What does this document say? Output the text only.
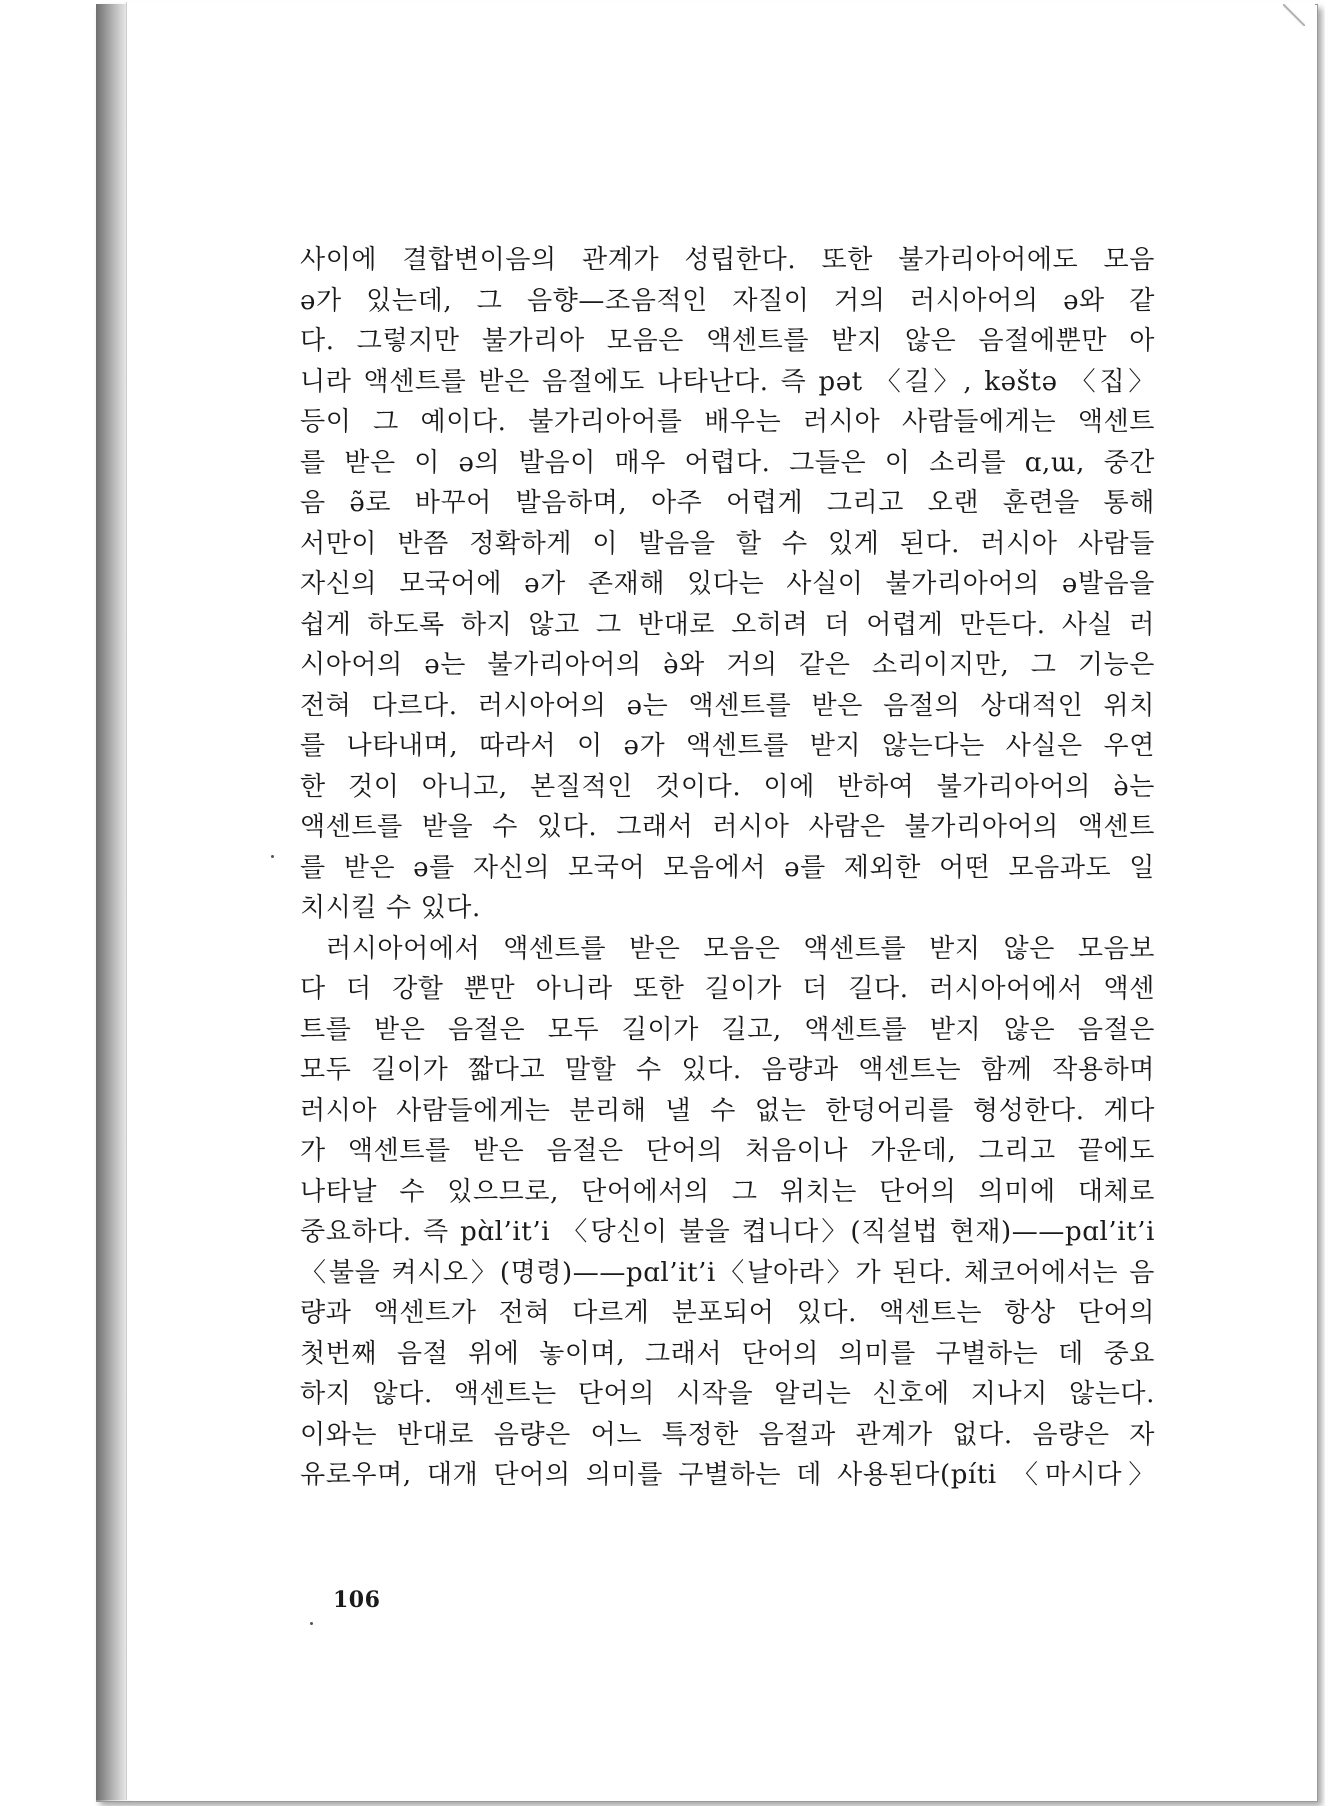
사이에 결합변이음의 관계가 성립한다. 또한 불가리아어에도 모음
ə가 있는데, 그 음향—조음적인 자질이 거의 러시아어의 ə와 같
다. 그렇지만 불가리아 모음은 액센트를 받지 않은 음절에뿐만 아
니라 액센트를 받은 음절에도 나타난다. 즉 pət 〈길〉, kəštǝ 〈집〉
등이 그 예이다. 불가리아어를 배우는 러시아 사람들에게는 액센트
를 받은 이 ə의 발음이 매우 어렵다. 그들은 이 소리를 ɑ,ɯ, 중간
음 ə̃로 바꾸어 발음하며, 아주 어렵게 그리고 오랜 훈련을 통해
서만이 반쯤 정확하게 이 발음을 할 수 있게 된다. 러시아 사람들
자신의 모국어에 ə가 존재해 있다는 사실이 불가리아어의 ə발음을
쉽게 하도록 하지 않고 그 반대로 오히려 더 어렵게 만든다. 사실 러
시아어의 ə는 불가리아어의 ə̀와 거의 같은 소리이지만, 그 기능은
전혀 다르다. 러시아어의 ə는 액센트를 받은 음절의 상대적인 위치
를 나타내며, 따라서 이 ə가 액센트를 받지 않는다는 사실은 우연
한 것이 아니고, 본질적인 것이다. 이에 반하여 불가리아어의 ə̀는
액센트를 받을 수 있다. 그래서 러시아 사람은 불가리아어의 액센트
를 받은 ə를 자신의 모국어 모음에서 ə를 제외한 어떤 모음과도 일
치시킬 수 있다.
러시아어에서 액센트를 받은 모음은 액센트를 받지 않은 모음보
다 더 강할 뿐만 아니라 또한 길이가 더 길다. 러시아어에서 액센
트를 받은 음절은 모두 길이가 길고, 액센트를 받지 않은 음절은
모두 길이가 짧다고 말할 수 있다. 음량과 액센트는 함께 작용하며
러시아 사람들에게는 분리해 낼 수 없는 한덩어리를 형성한다. 게다
가 액센트를 받은 음절은 단어의 처음이나 가운데, 그리고 끝에도
나타날 수 있으므로, 단어에서의 그 위치는 단어의 의미에 대체로
중요하다. 즉 pɑ̀l’it’i 〈당신이 불을 켭니다〉(직설법 현재)——pɑl’it’i
〈불을 켜시오〉(명령)——pɑl’it’i〈날아라〉가 된다. 체코어에서는 음
량과 액센트가 전혀 다르게 분포되어 있다. 액센트는 항상 단어의
첫번째 음절 위에 놓이며, 그래서 단어의 의미를 구별하는 데 중요
하지 않다. 액센트는 단어의 시작을 알리는 신호에 지나지 않는다.
이와는 반대로 음량은 어느 특정한 음절과 관계가 없다. 음량은 자
유로우며, 대개 단어의 의미를 구별하는 데 사용된다(píti 〈마시다〉
106
